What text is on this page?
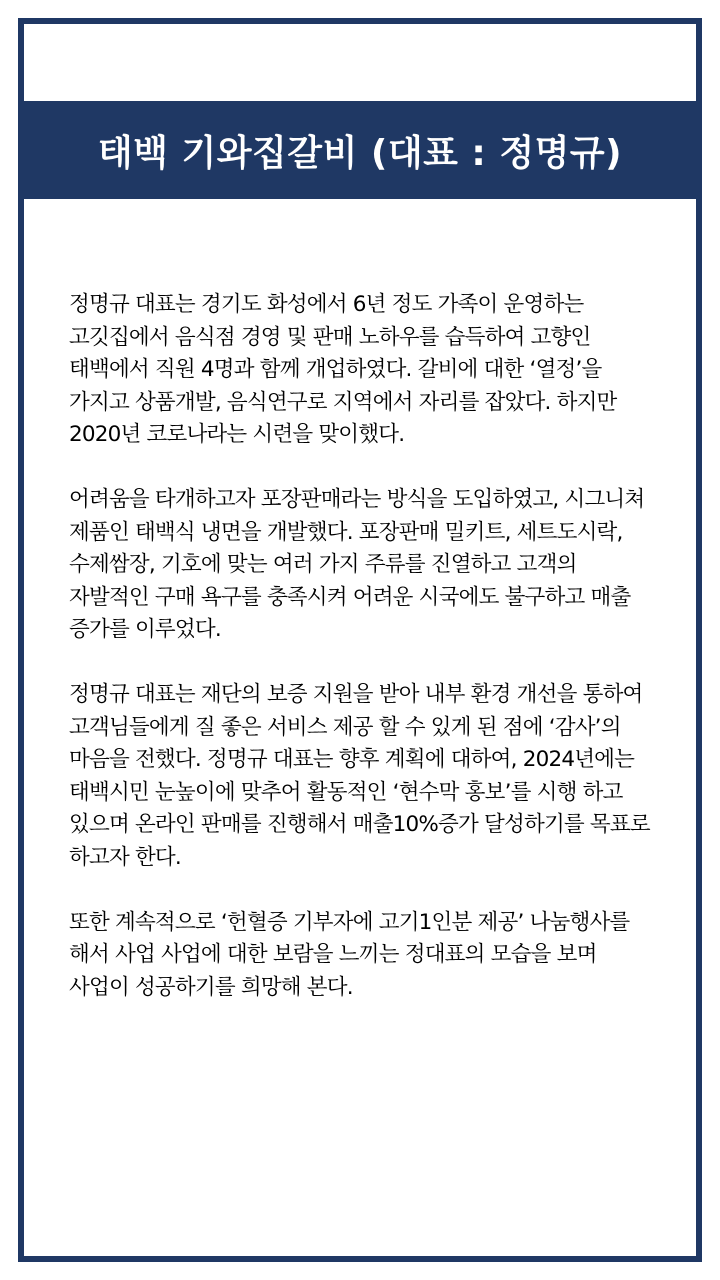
태백 기와집갈비 (대표 : 정명규)

정명규 대표는 경기도 화성에서 6년 정도 가족이 운영하는 고깃집에서 음식점 경영 및 판매 노하우를 습득하여 고향인 태백에서 직원 4명과 함께 개업하였다. 갈비에 대한 ‘열정’을 가지고 상품개발, 음식연구로 지역에서 자리를 잡았다. 하지만 2020년 코로나라는 시련을 맞이했다.

어려움을 타개하고자 포장판매라는 방식을 도입하였고, 시그니쳐 제품인 태백식 냉면을 개발했다. 포장판매 밀키트, 세트도시락, 수제쌈장, 기호에 맞는 여러 가지 주류를 진열하고 고객의 자발적인 구매 욕구를 충족시켜 어려운 시국에도 불구하고 매출 증가를 이루었다.

정명규 대표는 재단의 보증 지원을 받아 내부 환경 개선을 통하여 고객님들에게 질 좋은 서비스 제공 할 수 있게 된 점에 ‘감사’의 마음을 전했다. 정명규 대표는 향후 계획에 대하여, 2024년에는 태백시민 눈높이에 맞추어 활동적인 ‘현수막 홍보’를 시행 하고 있으며 온라인 판매를 진행해서 매출10%증가 달성하기를 목표로 하고자 한다.

또한 계속적으로 ‘헌혈증 기부자에 고기1인분 제공’ 나눔행사를 해서 사업 사업에 대한 보람을 느끼는 정대표의 모습을 보며 사업이 성공하기를 희망해 본다.
